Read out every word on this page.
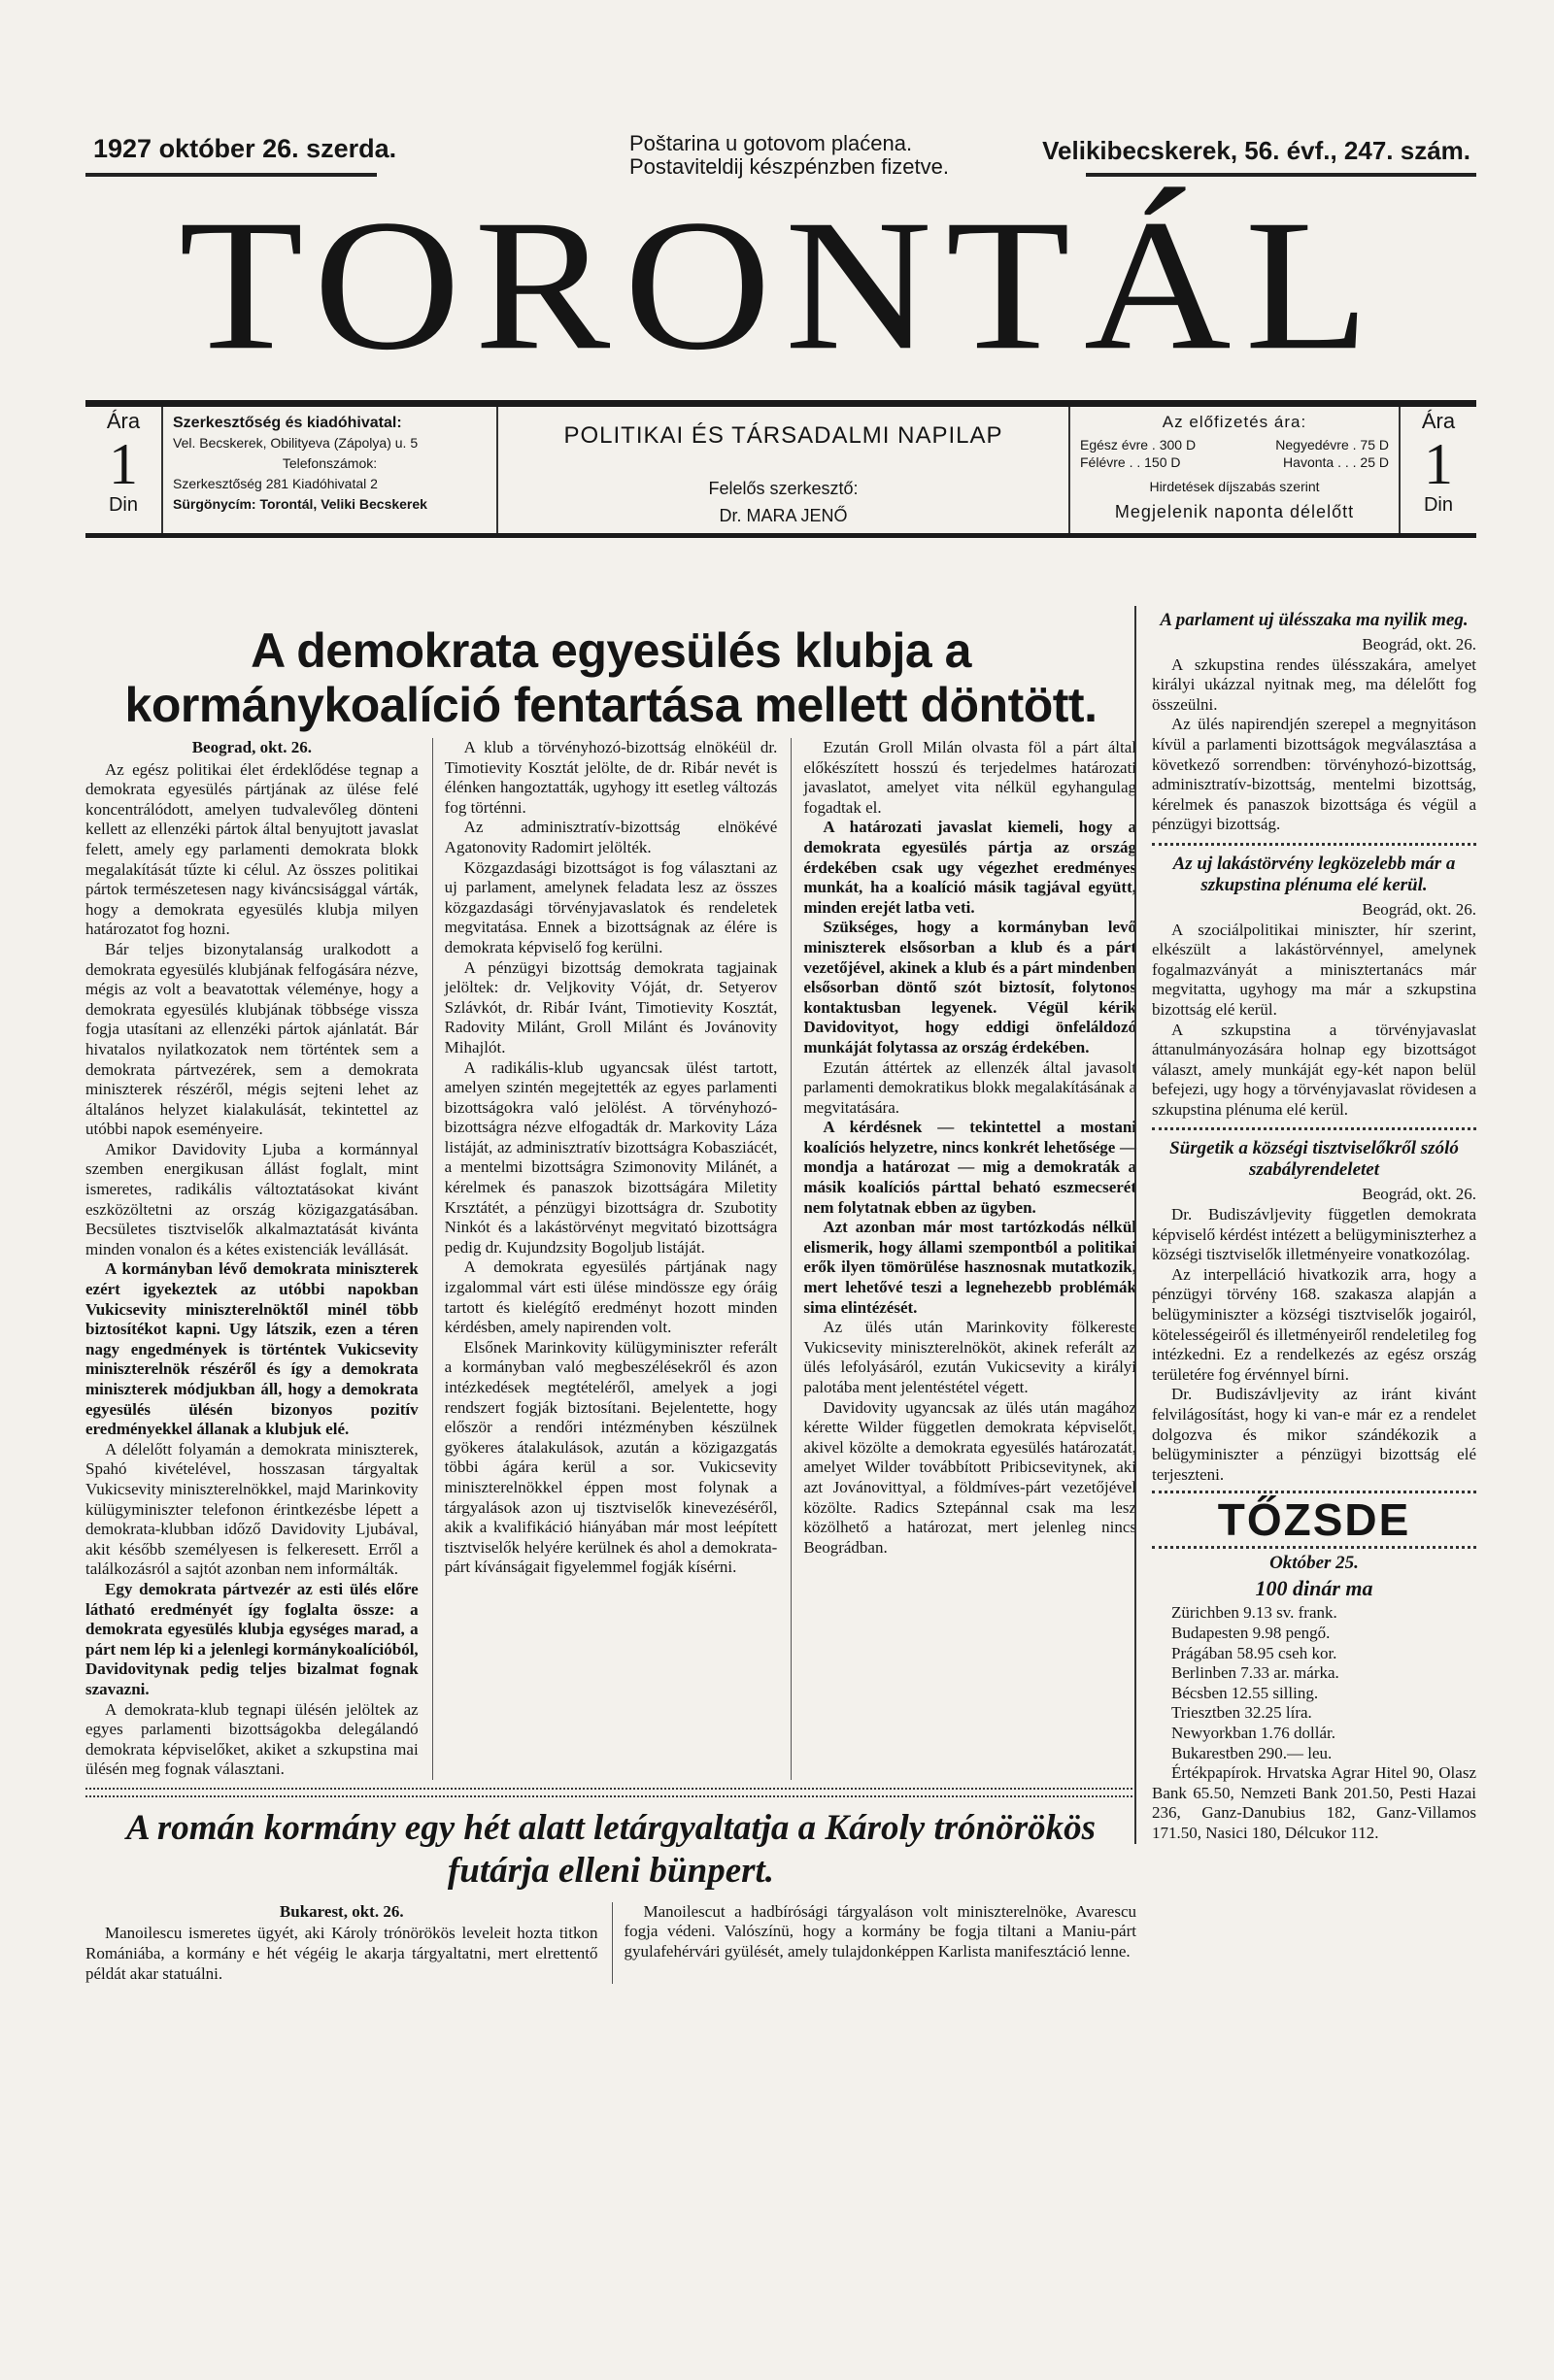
1927 október 26. szerda.	Poštarina u gotovom plaćena.
Postaviteldij készpénzben fizetve.
Velikibecskerek, 56. évf., 247. szám.
TORONTÁL
Ára
1
Din
Szerkesztőség és kiadóhivatal:
Vel. Becskerek, Obilityeva (Zápolya) u. 5
Telefonszámok:
Szerkesztőség 281 Kiadóhivatal 2
Sürgönycím: Torontál, Veliki Becskerek
POLITIKAI ÉS TÁRSADALMI NAPILAP
Felelős szerkesztő:
Dr. MARA JENŐ
Az előfizetés ára:
Egész évre . 300 D	Negyedévre . 75 D
Félévre . . 150 D	Havonta . . . 25 D
Hirdetések díjszabás szerint
Megjelenik naponta délelőtt
Ára
1
Din
A demokrata egyesülés klubja a kormánykoalíció fentartása mellett döntött.

Beograd, okt. 26.

Az egész politikai élet érdeklődése tegnap a demokrata egyesülés pártjának az ülése felé koncentrálódott, amelyen tudvalevőleg dönteni kellett az ellenzéki pártok által benyujtott javaslat felett, amely egy parlamenti demokrata blokk megalakítását tűzte ki célul. Az összes politikai pártok természetesen nagy kiváncsisággal várták, hogy a demokrata egyesülés klubja milyen határozatot fog hozni.

Bár teljes bizonytalanság uralkodott a demokrata egyesülés klubjának felfogására nézve, mégis az volt a beavatottak véleménye, hogy a demokrata egyesülés klubjának többsége vissza fogja utasítani az ellenzéki pártok ajánlatát. Bár hivatalos nyilatkozatok nem történtek sem a demokrata pártvezérek, sem a demokrata miniszterek részéről, mégis sejteni lehet az általános helyzet kialakulását, tekintettel az utóbbi napok eseményeire.

Amikor Davidovity Ljuba a kormánnyal szemben energikusan állást foglalt, mint ismeretes, radikális változtatásokat kivánt eszközöltetni az ország közigazgatásában. Becsületes tisztviselők alkalmaztatását kivánta minden vonalon és a kétes existenciák levállását.

A kormányban lévő demokrata miniszterek ezért igyekeztek az utóbbi napokban Vukicsevity miniszterelnöktől minél több biztosítékot kapni. Ugy látszik, ezen a téren nagy engedmények is történtek Vukicsevity miniszterelnök részéről és így a demokrata miniszterek módjukban áll, hogy a demokrata egyesülés ülésén bizonyos pozitív eredményekkel állanak a klubjuk elé.

A délelőtt folyamán a demokrata miniszterek, Spahó kivételével, hosszasan tárgyaltak Vukicsevity miniszterelnökkel, majd Marinkovity külügyminiszter telefonon érintkezésbe lépett a demokrata-klubban időző Davidovity Ljubával, akit később személyesen is felkeresett. Erről a találkozásról a sajtót azonban nem informálták.

Egy demokrata pártvezér az esti ülés előre látható eredményét így foglalta össze: a demokrata egyesülés klubja egységes marad, a párt nem lép ki a jelenlegi kormánykoalícióból, Davidovitynak pedig teljes bizalmat fognak szavazni.

A demokrata-klub tegnapi ülésén jelöltek az egyes parlamenti bizottságokba delegálandó demokrata képviselőket, akiket a szkupstina mai ülésén meg fognak választani.

A klub a törvényhozó-bizottság elnökéül dr. Timotievity Kosztát jelölte, de dr. Ribár nevét is élénken hangoztatták, ugyhogy itt esetleg változás fog történni.

Az adminisztratív-bizottság elnökévé Agatonovity Radomirt jelölték.

Közgazdasági bizottságot is fog választani az uj parlament, amelynek feladata lesz az összes közgazdasági törvényjavaslatok és rendeletek megvitatása. Ennek a bizottságnak az élére is demokrata képviselő fog kerülni.

A pénzügyi bizottság demokrata tagjainak jelöltek: dr. Veljkovity Vóját, dr. Setyerov Szlávkót, dr. Ribár Ivánt, Timotievity Kosztát, Radovity Milánt, Groll Milánt és Jovánovity Mihajlót.

A radikális-klub ugyancsak ülést tartott, amelyen szintén megejtették az egyes parlamenti bizottságokra való jelölést. A törvényhozó-bizottságra nézve elfogadták dr. Markovity Láza listáját, az adminisztratív bizottságra Kobasziácét, a mentelmi bizottságra Szimonovity Milánét, a kérelmek és panaszok bizottságára Miletity Krsztátét, a pénzügyi bizottságra dr. Szubotity Ninkót és a lakástörvényt megvitató bizottságra pedig dr. Kujundzsity Bogoljub listáját.

A demokrata egyesülés pártjának nagy izgalommal várt esti ülése mindössze egy óráig tartott és kielégítő eredményt hozott minden kérdésben, amely napirenden volt.

Elsőnek Marinkovity külügyminiszter referált a kormányban való megbeszélésekről és azon intézkedések megtételéről, amelyek a jogi rendszert fogják biztosítani. Bejelentette, hogy először a rendőri intézményben készülnek gyökeres átalakulások, azután a közigazgatás többi ágára kerül a sor. Vukicsevity miniszterelnökkel éppen most folynak a tárgyalások azon uj tisztviselők kinevezéséről, akik a kvalifikáció hiányában már most leépített tisztviselők helyére kerülnek és ahol a demokrata-párt kívánságait figyelemmel fogják kísérni.

Ezután Groll Milán olvasta föl a párt által előkészített hosszú és terjedelmes határozati javaslatot, amelyet vita nélkül egyhangulag fogadtak el.

A határozati javaslat kiemeli, hogy a demokrata egyesülés pártja az ország érdekében csak ugy végezhet eredményes munkát, ha a koalíció másik tagjával együtt, minden erejét latba veti.

Szükséges, hogy a kormányban levő miniszterek elsősorban a klub és a párt vezetőjével, akinek a klub és a párt mindenben elsősorban döntő szót biztosít, folytonos kontaktusban legyenek. Végül kérik Davidovityot, hogy eddigi önfeláldozó munkáját folytassa az ország érdekében.

Ezután áttértek az ellenzék által javasolt parlamenti demokratikus blokk megalakításának a megvitatására.

A kérdésnek — tekintettel a mostani koalíciós helyzetre, nincs konkrét lehetősége — mondja a határozat — mig a demokraták a másik koalíciós párttal beható eszmecserét nem folytatnak ebben az ügyben.

Azt azonban már most tartózkodás nélkül elismerik, hogy állami szempontból a politikai erők ilyen tömörülése hasznosnak mutatkozik, mert lehetővé teszi a legnehezebb problémák sima elintézését.

Az ülés után Marinkovity fölkereste Vukicsevity miniszterelnököt, akinek referált az ülés lefolyásáról, ezután Vukicsevity a királyi palotába ment jelentéstétel végett.

Davidovity ugyancsak az ülés után magához kérette Wilder független demokrata képviselőt, akivel közölte a demokrata egyesülés határozatát, amelyet Wilder továbbított Pribicsevitynek, aki azt Jovánovittyal, a földmíves-párt vezetőjével közölte. Radics Sztepánnal csak ma lesz közölhető a határozat, mert jelenleg nincs Beográdban.

A román kormány egy hét alatt letárgyaltatja a Károly trónörökös futárja elleni bünpert.

Bukarest, okt. 26.

Manoilescu ismeretes ügyét, aki Károly trónörökös leveleit hozta titkon Romániába, a kormány e hét végéig le akarja tárgyaltatni, mert elrettentő példát akar statuálni.

Manoilescut a hadbírósági tárgyaláson volt miniszterelnöke, Avarescu fogja védeni. Valószínü, hogy a kormány be fogja tiltani a Maniu-párt gyulafehérvári gyülését, amely tulajdonképpen Karlista manifesztáció lenne.

A parlament uj ülésszaka ma nyilik meg.

Beográd, okt. 26.

A szkupstina rendes ülésszakára, amelyet királyi ukázzal nyitnak meg, ma délelőtt fog összeülni.

Az ülés napirendjén szerepel a megnyitáson kívül a parlamenti bizottságok megválasztása a következő sorrendben: törvényhozó-bizottság, adminisztratív-bizottság, mentelmi bizottság, kérelmek és panaszok bizottsága és végül a pénzügyi bizottság.

Az uj lakástörvény legközelebb már a szkupstina plénuma elé kerül.

Beográd, okt. 26.

A szociálpolitikai miniszter, hír szerint, elkészült a lakástörvénnyel, amelynek fogalmazványát a minisztertanács már megvitatta, ugyhogy ma már a szkupstina bizottság elé kerül.

A szkupstina a törvényjavaslat áttanulmányozására holnap egy bizottságot választ, amely munkáját egy-két napon belül befejezi, ugy hogy a törvényjavaslat rövidesen a szkupstina plénuma elé kerül.

Sürgetik a községi tisztviselőkről szóló szabályrendeletet

Beográd, okt. 26.

Dr. Budiszávljevity független demokrata képviselő kérdést intézett a belügyminiszterhez a községi tisztviselők illetményeire vonatkozólag.

Az interpelláció hivatkozik arra, hogy a pénzügyi törvény 168. szakasza alapján a belügyminiszter a községi tisztviselők jogairól, kötelességeiről és illetményeiről rendeletileg fog intézkedni. Ez a rendelkezés az egész ország területére fog érvénnyel bírni.

Dr. Budiszávljevity az iránt kivánt felvilágosítást, hogy ki van-e már ez a rendelet dolgozva és mikor szándékozik a belügyminiszter a pénzügyi bizottság elé terjeszteni.

TŐZSDE
Október 25.
100 dinár ma
Zürichben 9.13 sv. frank.
Budapesten 9.98 pengő.
Prágában 58.95 cseh kor.
Berlinben 7.33 ar. márka.
Bécsben 12.55 silling.
Triesztben 32.25 líra.
Newyorkban 1.76 dollár.
Bukarestben 290.— leu.

Értékpapírok. Hrvatska Agrar Hitel 90, Olasz Bank 65.50, Nemzeti Bank 201.50, Pesti Hazai 236, Ganz-Danubius 182, Ganz-Villamos 171.50, Nasici 180, Délcukor 112.
